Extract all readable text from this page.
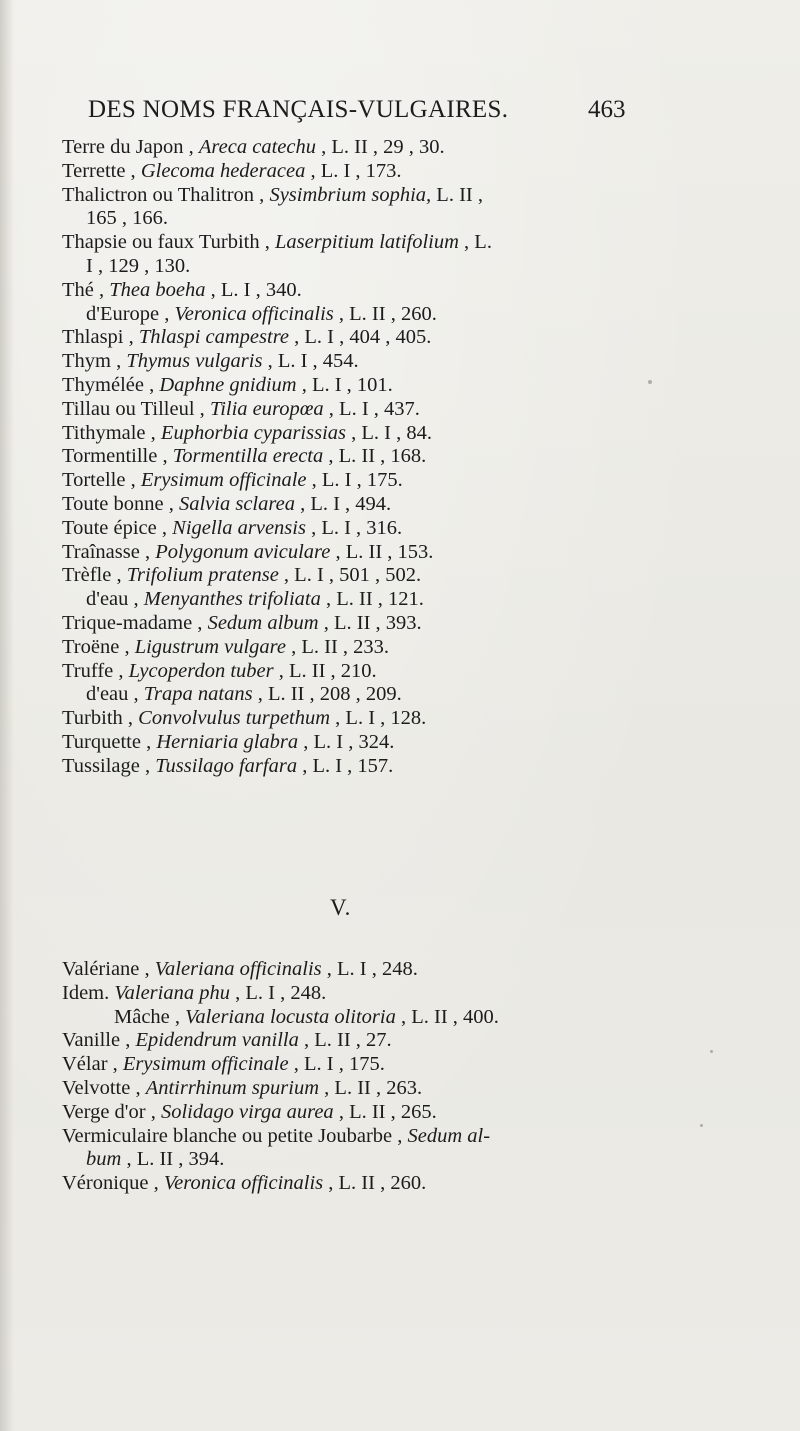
DES NOMS FRANÇAIS-VULGAIRES.	463
Terre du Japon , Areca catechu , L. II , 29 , 30.
Terrette , Glecoma hederacea , L. I , 173.
Thalictron ou Thalitron , Sysimbrium sophia, L. II ,
165 , 166.
Thapsie ou faux Turbith , Laserpitium latifolium , L.
I , 129 , 130.
Thé , Thea boeha , L. I , 340.
d'Europe , Veronica officinalis , L. II , 260.
Thlaspi , Thlaspi campestre , L. I , 404 , 405.
Thym , Thymus vulgaris , L. I , 454.
Thymélée , Daphne gnidium , L. I , 101.
Tillau ou Tilleul , Tilia europœa , L. I , 437.
Tithymale , Euphorbia cyparissias , L. I , 84.
Tormentille , Tormentilla erecta , L. II , 168.
Tortelle , Erysimum officinale , L. I , 175.
Toute bonne , Salvia sclarea , L. I , 494.
Toute épice , Nigella arvensis , L. I , 316.
Traînasse , Polygonum aviculare , L. II , 153.
Trèfle , Trifolium pratense , L. I , 501 , 502.
d'eau , Menyanthes trifoliata , L. II , 121.
Trique-madame , Sedum album , L. II , 393.
Troëne , Ligustrum vulgare , L. II , 233.
Truffe , Lycoperdon tuber , L. II , 210.
d'eau , Trapa natans , L. II , 208 , 209.
Turbith , Convolvulus turpethum , L. I , 128.
Turquette , Herniaria glabra , L. I , 324.
Tussilage , Tussilago farfara , L. I , 157.
V.
Valériane , Valeriana officinalis , L. I , 248.
Idem. Valeriana phu , L. I , 248.
Mâche , Valeriana locusta olitoria , L. II , 400.
Vanille , Epidendrum vanilla , L. II , 27.
Vélar , Erysimum officinale , L. I , 175.
Velvotte , Antirrhinum spurium , L. II , 263.
Verge d'or , Solidago virga aurea , L. II , 265.
Vermiculaire blanche ou petite Joubarbe , Sedum al-
bum , L. II , 394.
Véronique , Veronica officinalis , L. II , 260.
